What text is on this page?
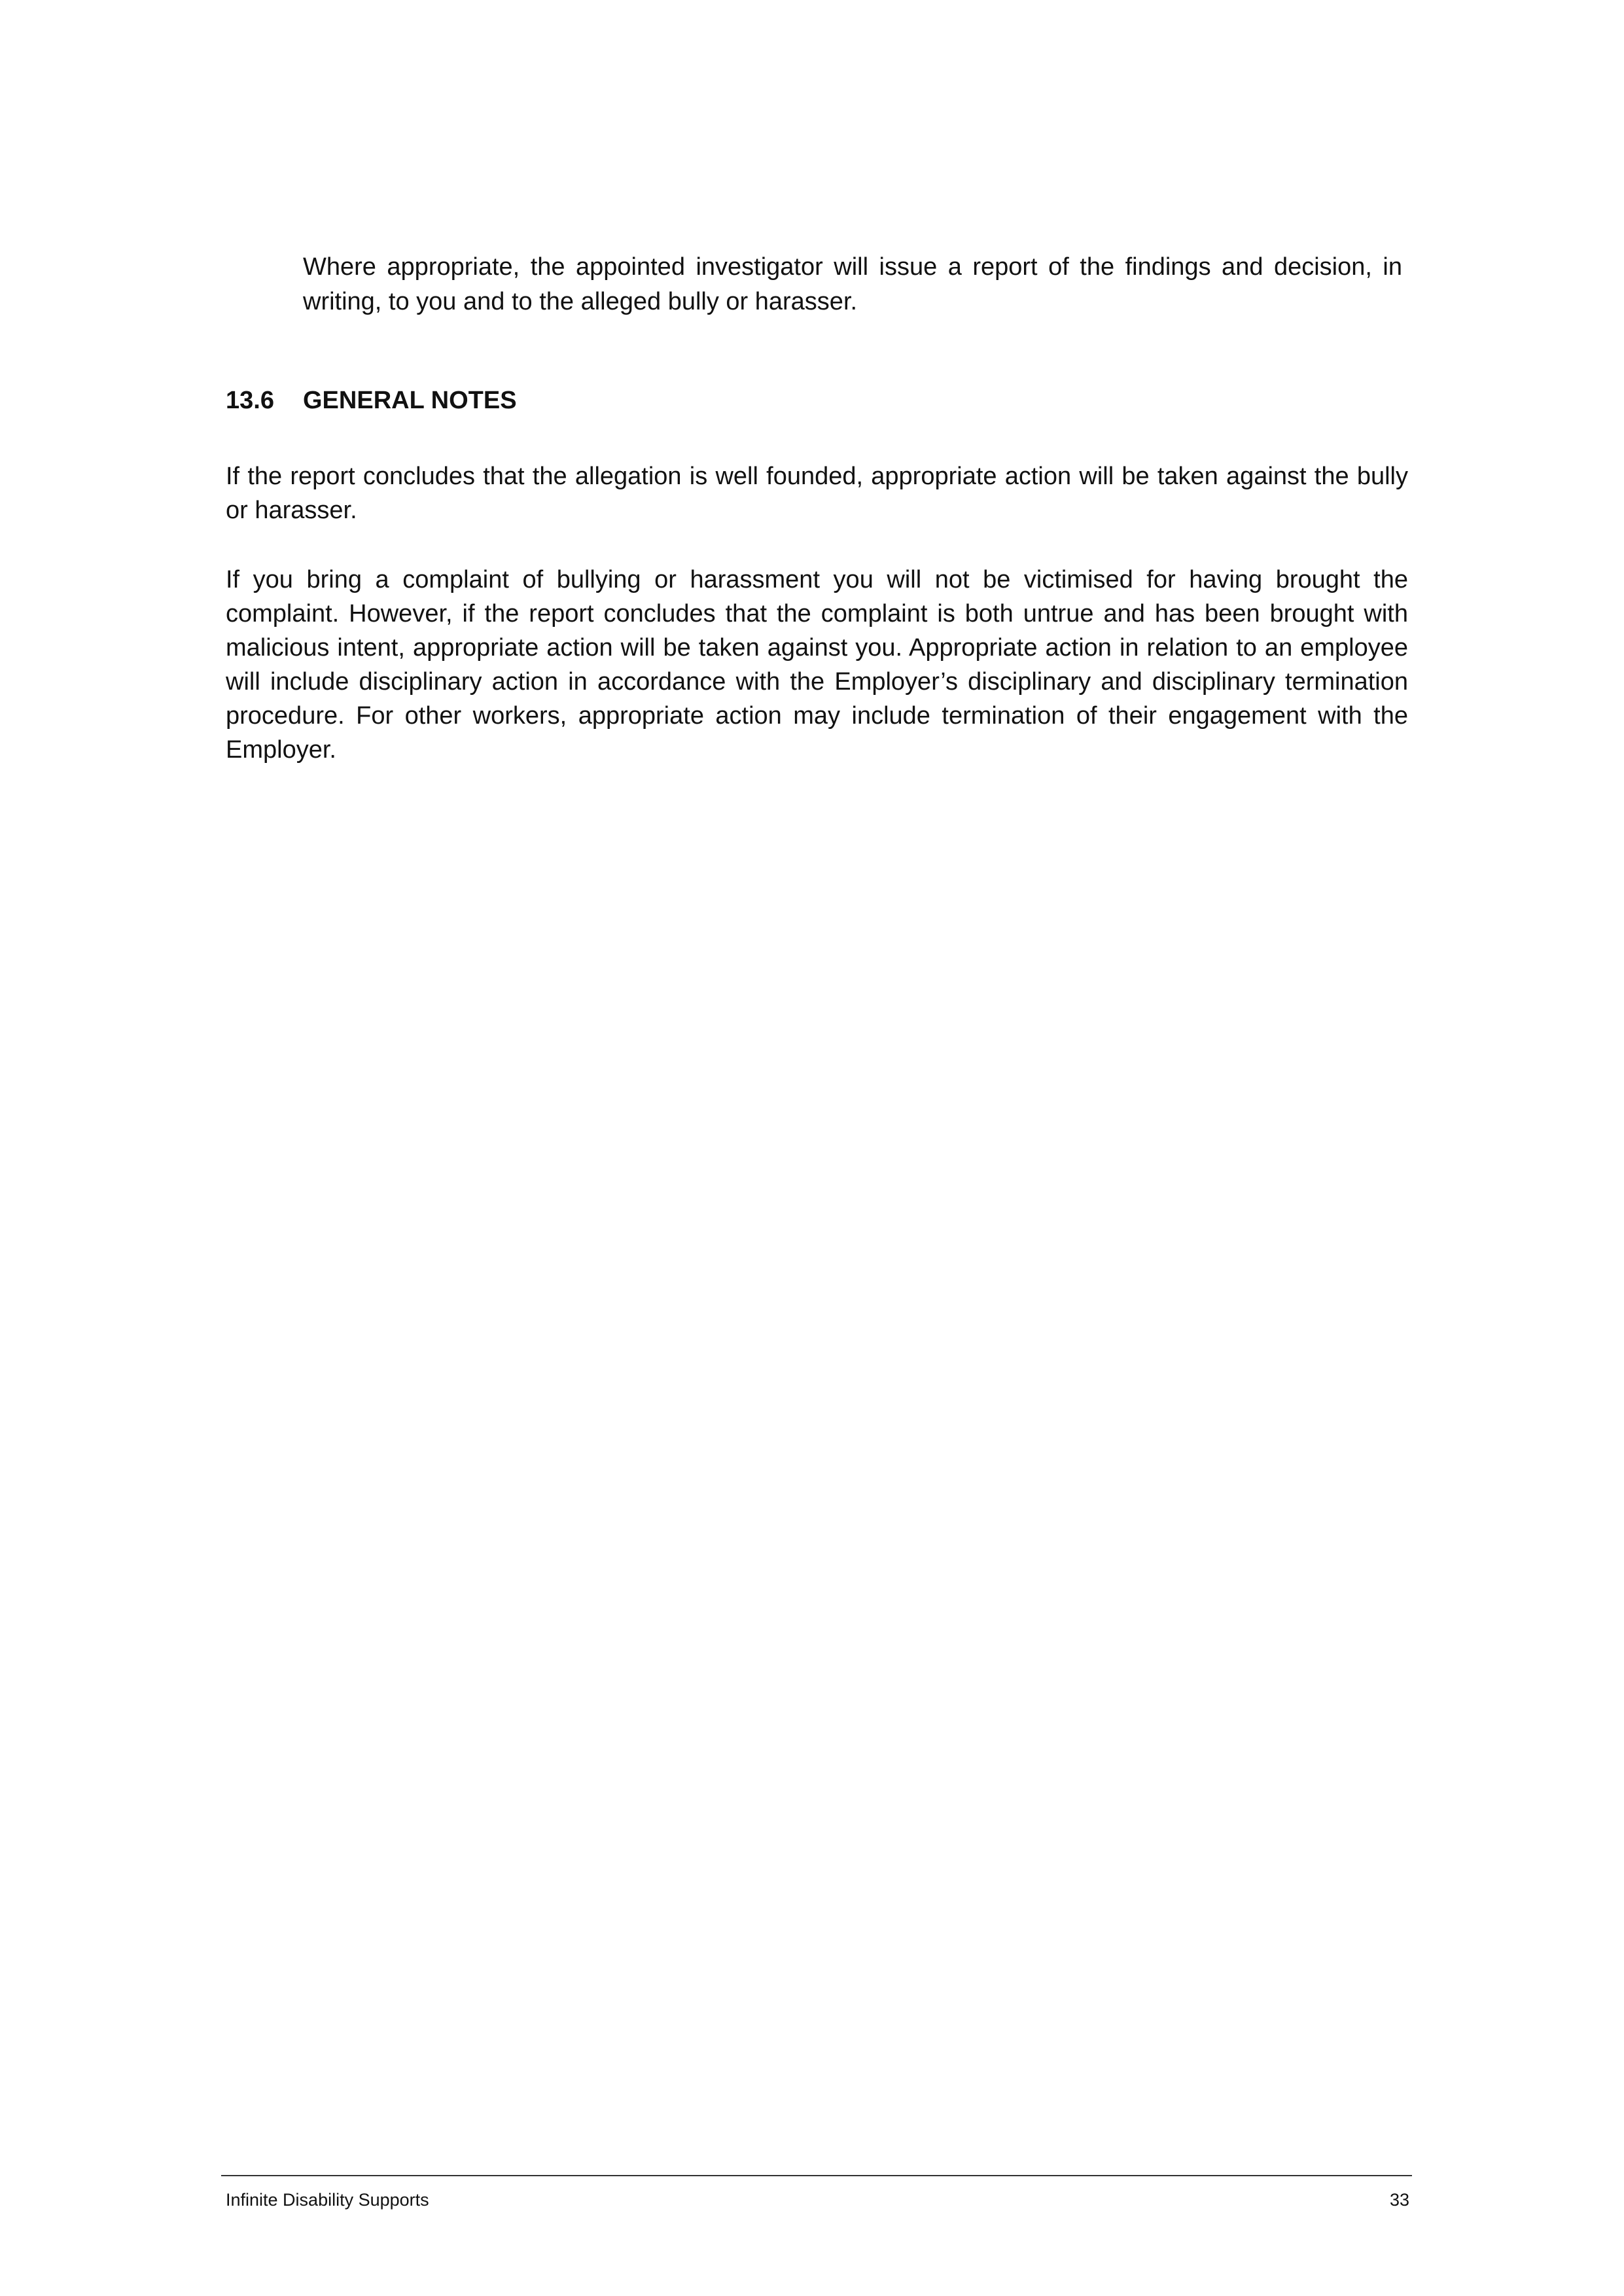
Where appropriate, the appointed investigator will issue a report of the findings and decision, in writing, to you and to the alleged bully or harasser.

13.6 GENERAL NOTES

If the report concludes that the allegation is well founded, appropriate action will be taken against the bully or harasser.

If you bring a complaint of bullying or harassment you will not be victimised for having brought the complaint. However, if the report concludes that the complaint is both untrue and has been brought with malicious intent, appropriate action will be taken against you. Appropriate action in relation to an employee will include disciplinary action in accordance with the Employer’s disciplinary and disciplinary termination procedure. For other workers, appropriate action may include termination of their engagement with the Employer.

Infinite Disability Supports	33
